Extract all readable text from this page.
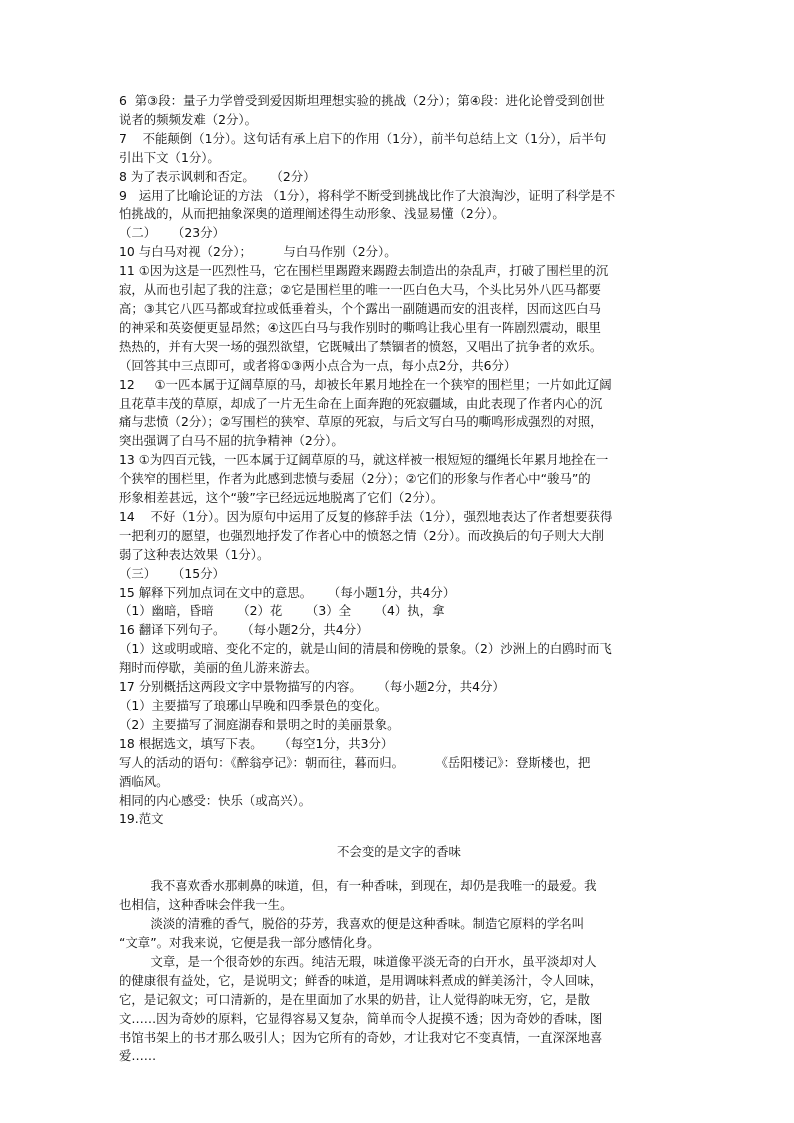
6  第③段：量子力学曾受到爱因斯坦理想实验的挑战（2分）；第④段：进化论曾受到创世

说者的频频发难（2分）。

7    不能颠倒（1分）。这句话有承上启下的作用（1分），前半句总结上文（1分），后半句

引出下文（1分）。

8 为了表示讽刺和否定。    （2分）

9   运用了比喻论证的方法 （1分），将科学不断受到挑战比作了大浪淘沙，证明了科学是不

怕挑战的，从而把抽象深奥的道理阐述得生动形象、浅显易懂（2分）。

（二）    （23分）

10 与白马对视（2分）；        与白马作别（2分）。

11 ①因为这是一匹烈性马，它在围栏里踢蹬来踢蹬去制造出的杂乱声，打破了围栏里的沉

寂，从而也引起了我的注意；②它是围栏里的唯一一匹白色大马，个头比另外八匹马都要

高；③其它八匹马都或耷拉或低垂着头，个个露出一副随遇而安的沮丧样，因而这匹白马

的神采和英姿便更显昂然；④这匹白马与我作别时的嘶鸣让我心里有一阵剧烈震动，眼里

热热的，并有大哭一场的强烈欲望，它既喊出了禁锢者的愤怒，又唱出了抗争者的欢乐。

（回答其中三点即可，或者将①③两小点合为一点，每小点2分，共6分）

12     ①一匹本属于辽阔草原的马，却被长年累月地拴在一个狭窄的围栏里；一片如此辽阔

且花草丰茂的草原，却成了一片无生命在上面奔跑的死寂疆域，由此表现了作者内心的沉

痛与悲愤（2分）；②写围栏的狭窄、草原的死寂，与后文写白马的嘶鸣形成强烈的对照，

突出强调了白马不屈的抗争精神（2分）。

13 ①为四百元钱，一匹本属于辽阔草原的马，就这样被一根短短的缰绳长年累月地拴在一

个狭窄的围栏里，作者为此感到悲愤与委屈（2分）；②它们的形象与作者心中“骏马”的

形象相差甚远，这个“骏”字已经远远地脱离了它们（2分）。

14    不好（1分）。因为原句中运用了反复的修辞手法（1分），强烈地表达了作者想要获得

一把利刃的愿望，也强烈地抒发了作者心中的愤怒之情（2分）。而改换后的句子则大大削

弱了这种表达效果（1分）。

（三）    （15分）

15 解释下列加点词在文中的意思。    （每小题1分，共4分）

（1）幽暗，昏暗      （2）花      （3）全      （4）执，拿

16 翻译下列句子。    （每小题2分，共4分）

（1）这或明或暗、变化不定的，就是山间的清晨和傍晚的景象。（2）沙洲上的白鸥时而飞

翔时而停歇，美丽的鱼儿游来游去。

17 分别概括这两段文字中景物描写的内容。    （每小题2分，共4分）

（1）主要描写了琅琊山早晚和四季景色的变化。

（2）主要描写了洞庭湖春和景明之时的美丽景象。

18 根据选文，填写下表。    （每空1分，共3分）

写人的活动的语句：《醉翁亭记》：朝而往，暮而归。        《岳阳楼记》：登斯楼也，把

酒临风。

相同的内心感受：快乐（或高兴）。

19.范文

不会变的是文字的香味

我不喜欢香水那刺鼻的味道，但，有一种香味，到现在，却仍是我唯一的最爱。我

也相信，这种香味会伴我一生。

淡淡的清雅的香气，脱俗的芬芳，我喜欢的便是这种香味。制造它原料的学名叫

“文章”。对我来说，它便是我一部分感情化身。

文章，是一个很奇妙的东西。纯洁无瑕，味道像平淡无奇的白开水，虽平淡却对人

的健康很有益处，它，是说明文；鲜香的味道，是用调味料煮成的鲜美汤汁，令人回味，

它，是记叙文；可口清新的，是在里面加了水果的奶昔，让人觉得韵味无穷，它，是散

文……因为奇妙的原料，它显得容易又复杂，简单而令人捉摸不透；因为奇妙的香味，图

书馆书架上的书才那么吸引人；因为它所有的奇妙，才让我对它不变真情，一直深深地喜

爱……
